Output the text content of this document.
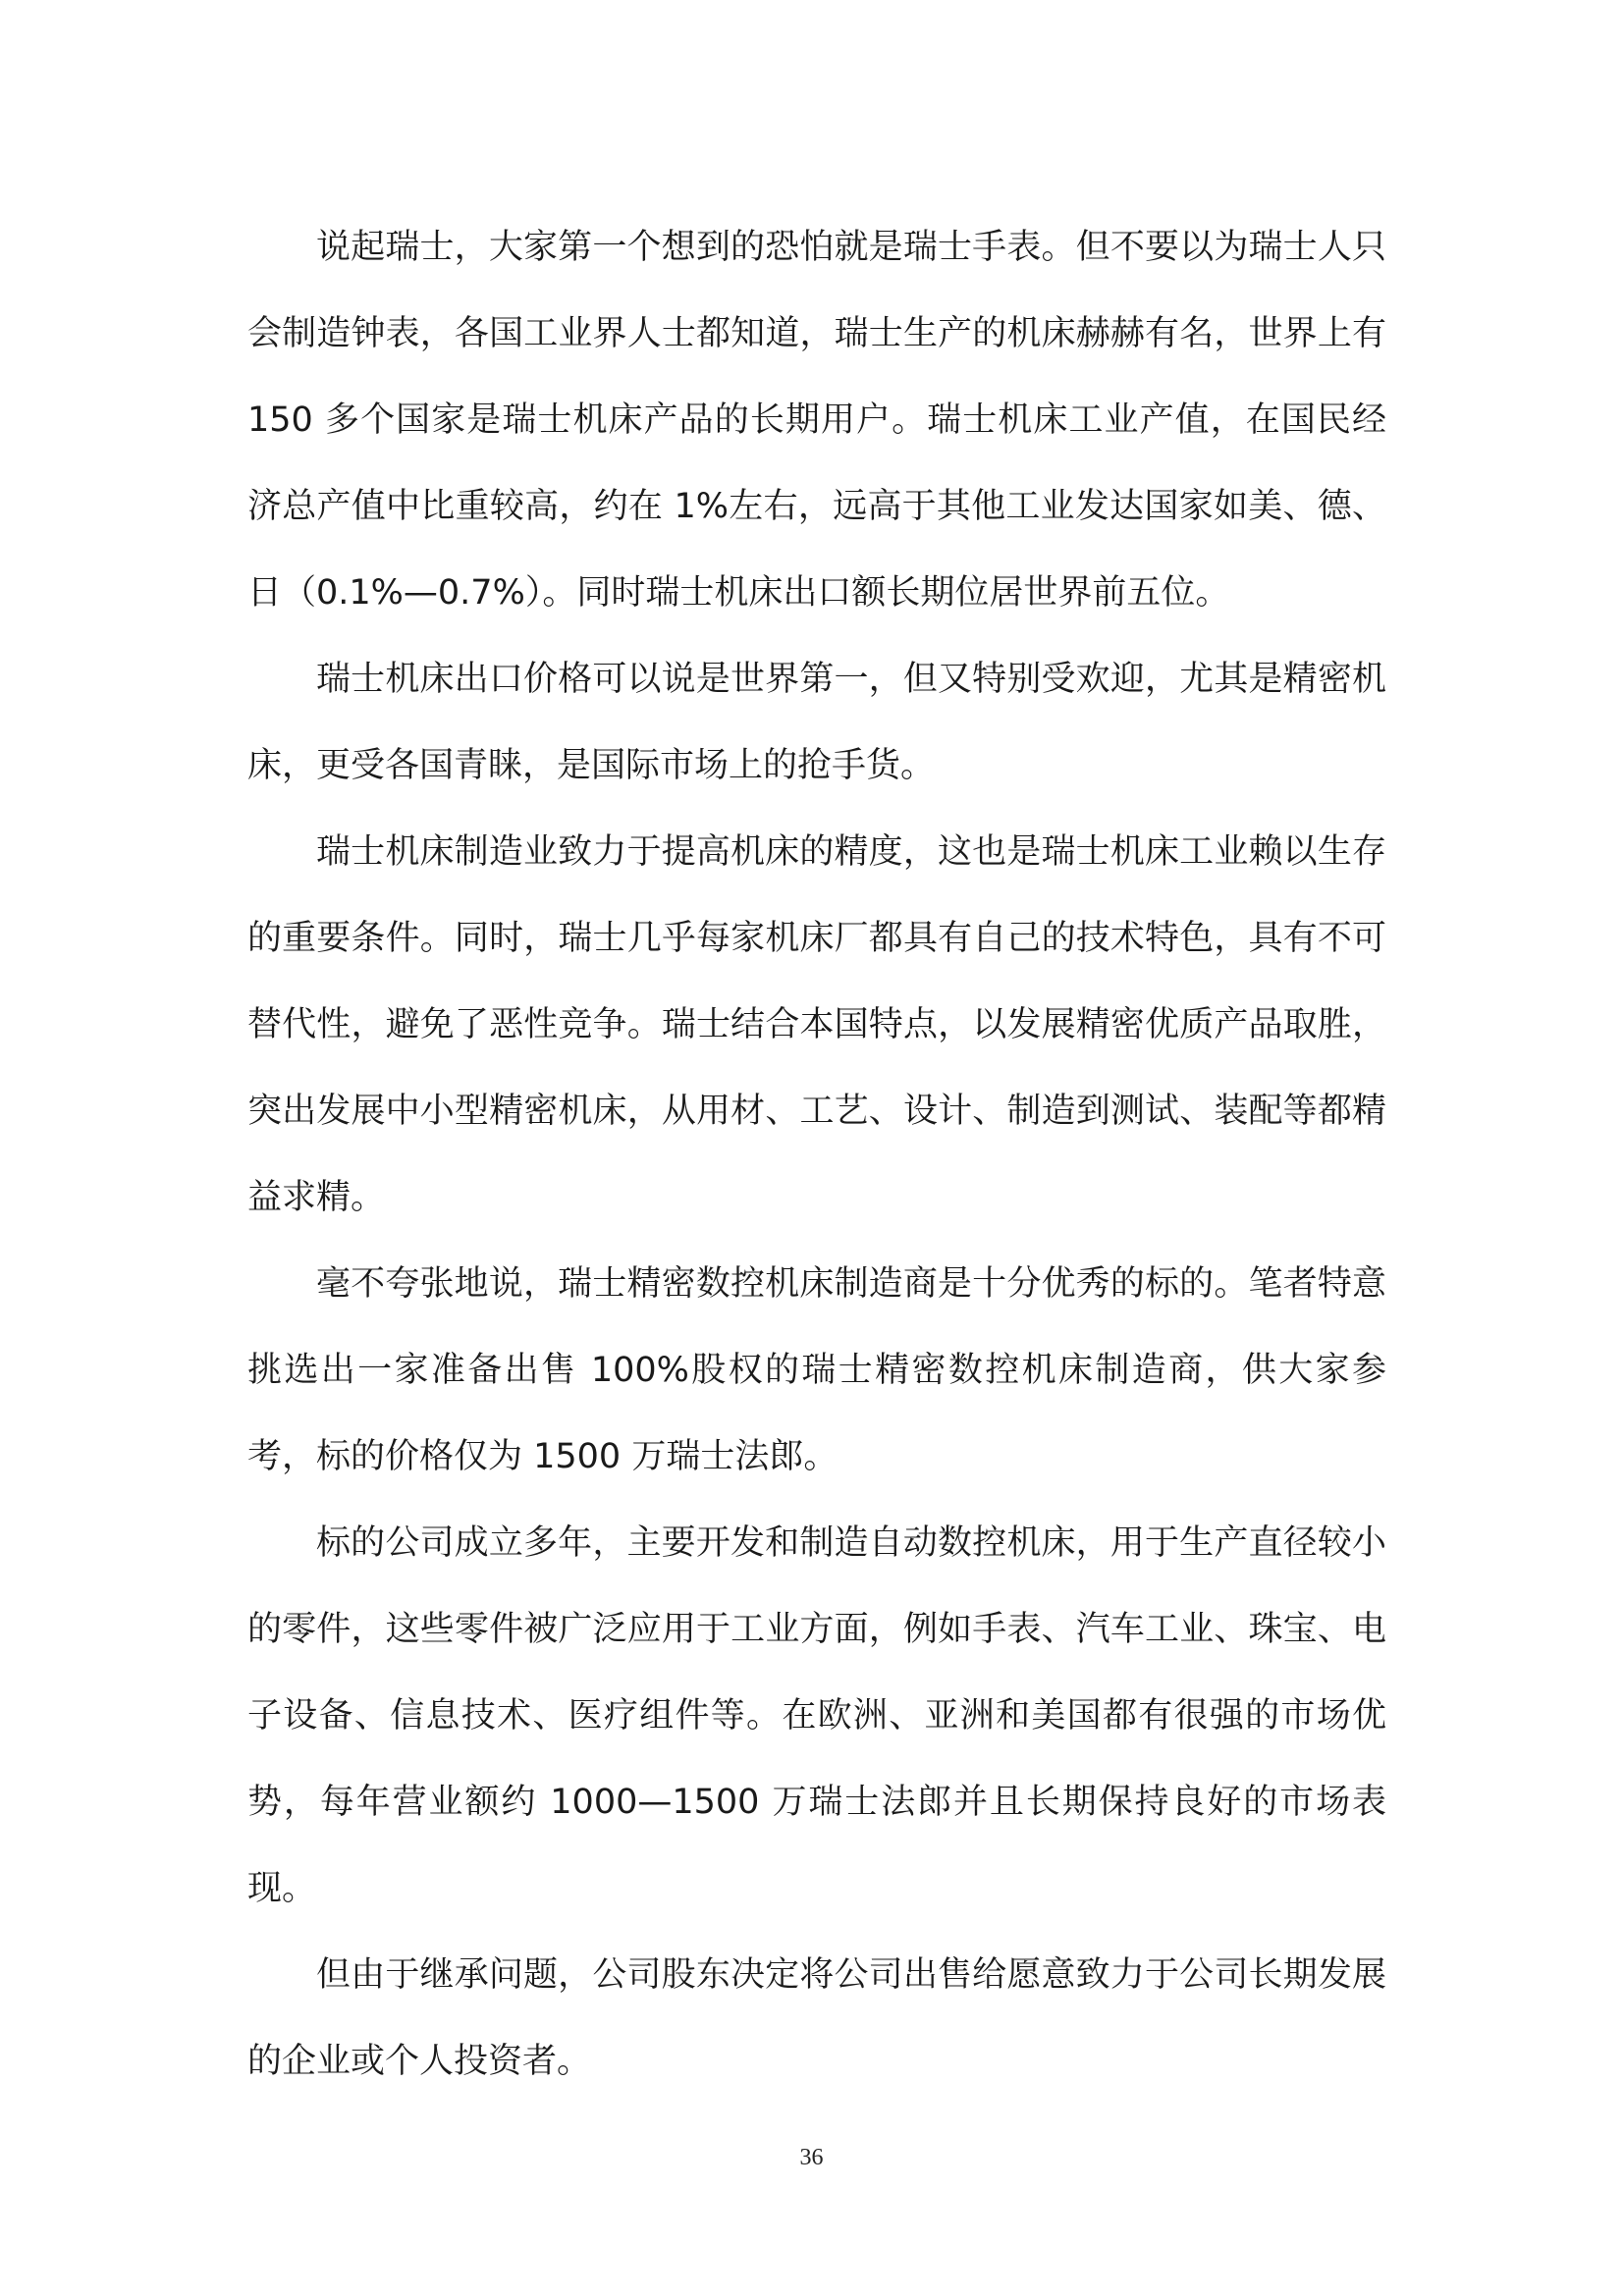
说起瑞士，大家第一个想到的恐怕就是瑞士手表。但不要以为瑞士人只会制造钟表，各国工业界人士都知道，瑞士生产的机床赫赫有名，世界上有 150 多个国家是瑞士机床产品的长期用户。瑞士机床工业产值，在国民经济总产值中比重较高，约在 1%左右，远高于其他工业发达国家如美、德、日（0.1%—0.7%）。同时瑞士机床出口额长期位居世界前五位。

瑞士机床出口价格可以说是世界第一，但又特别受欢迎，尤其是精密机床，更受各国青睐，是国际市场上的抢手货。

瑞士机床制造业致力于提高机床的精度，这也是瑞士机床工业赖以生存的重要条件。同时，瑞士几乎每家机床厂都具有自己的技术特色，具有不可替代性，避免了恶性竞争。瑞士结合本国特点，以发展精密优质产品取胜，突出发展中小型精密机床，从用材、工艺、设计、制造到测试、装配等都精益求精。

毫不夸张地说，瑞士精密数控机床制造商是十分优秀的标的。笔者特意挑选出一家准备出售 100%股权的瑞士精密数控机床制造商，供大家参考，标的价格仅为 1500 万瑞士法郎。

标的公司成立多年，主要开发和制造自动数控机床，用于生产直径较小的零件，这些零件被广泛应用于工业方面，例如手表、汽车工业、珠宝、电子设备、信息技术、医疗组件等。在欧洲、亚洲和美国都有很强的市场优势，每年营业额约 1000—1500 万瑞士法郎并且长期保持良好的市场表现。

但由于继承问题，公司股东决定将公司出售给愿意致力于公司长期发展的企业或个人投资者。

36
